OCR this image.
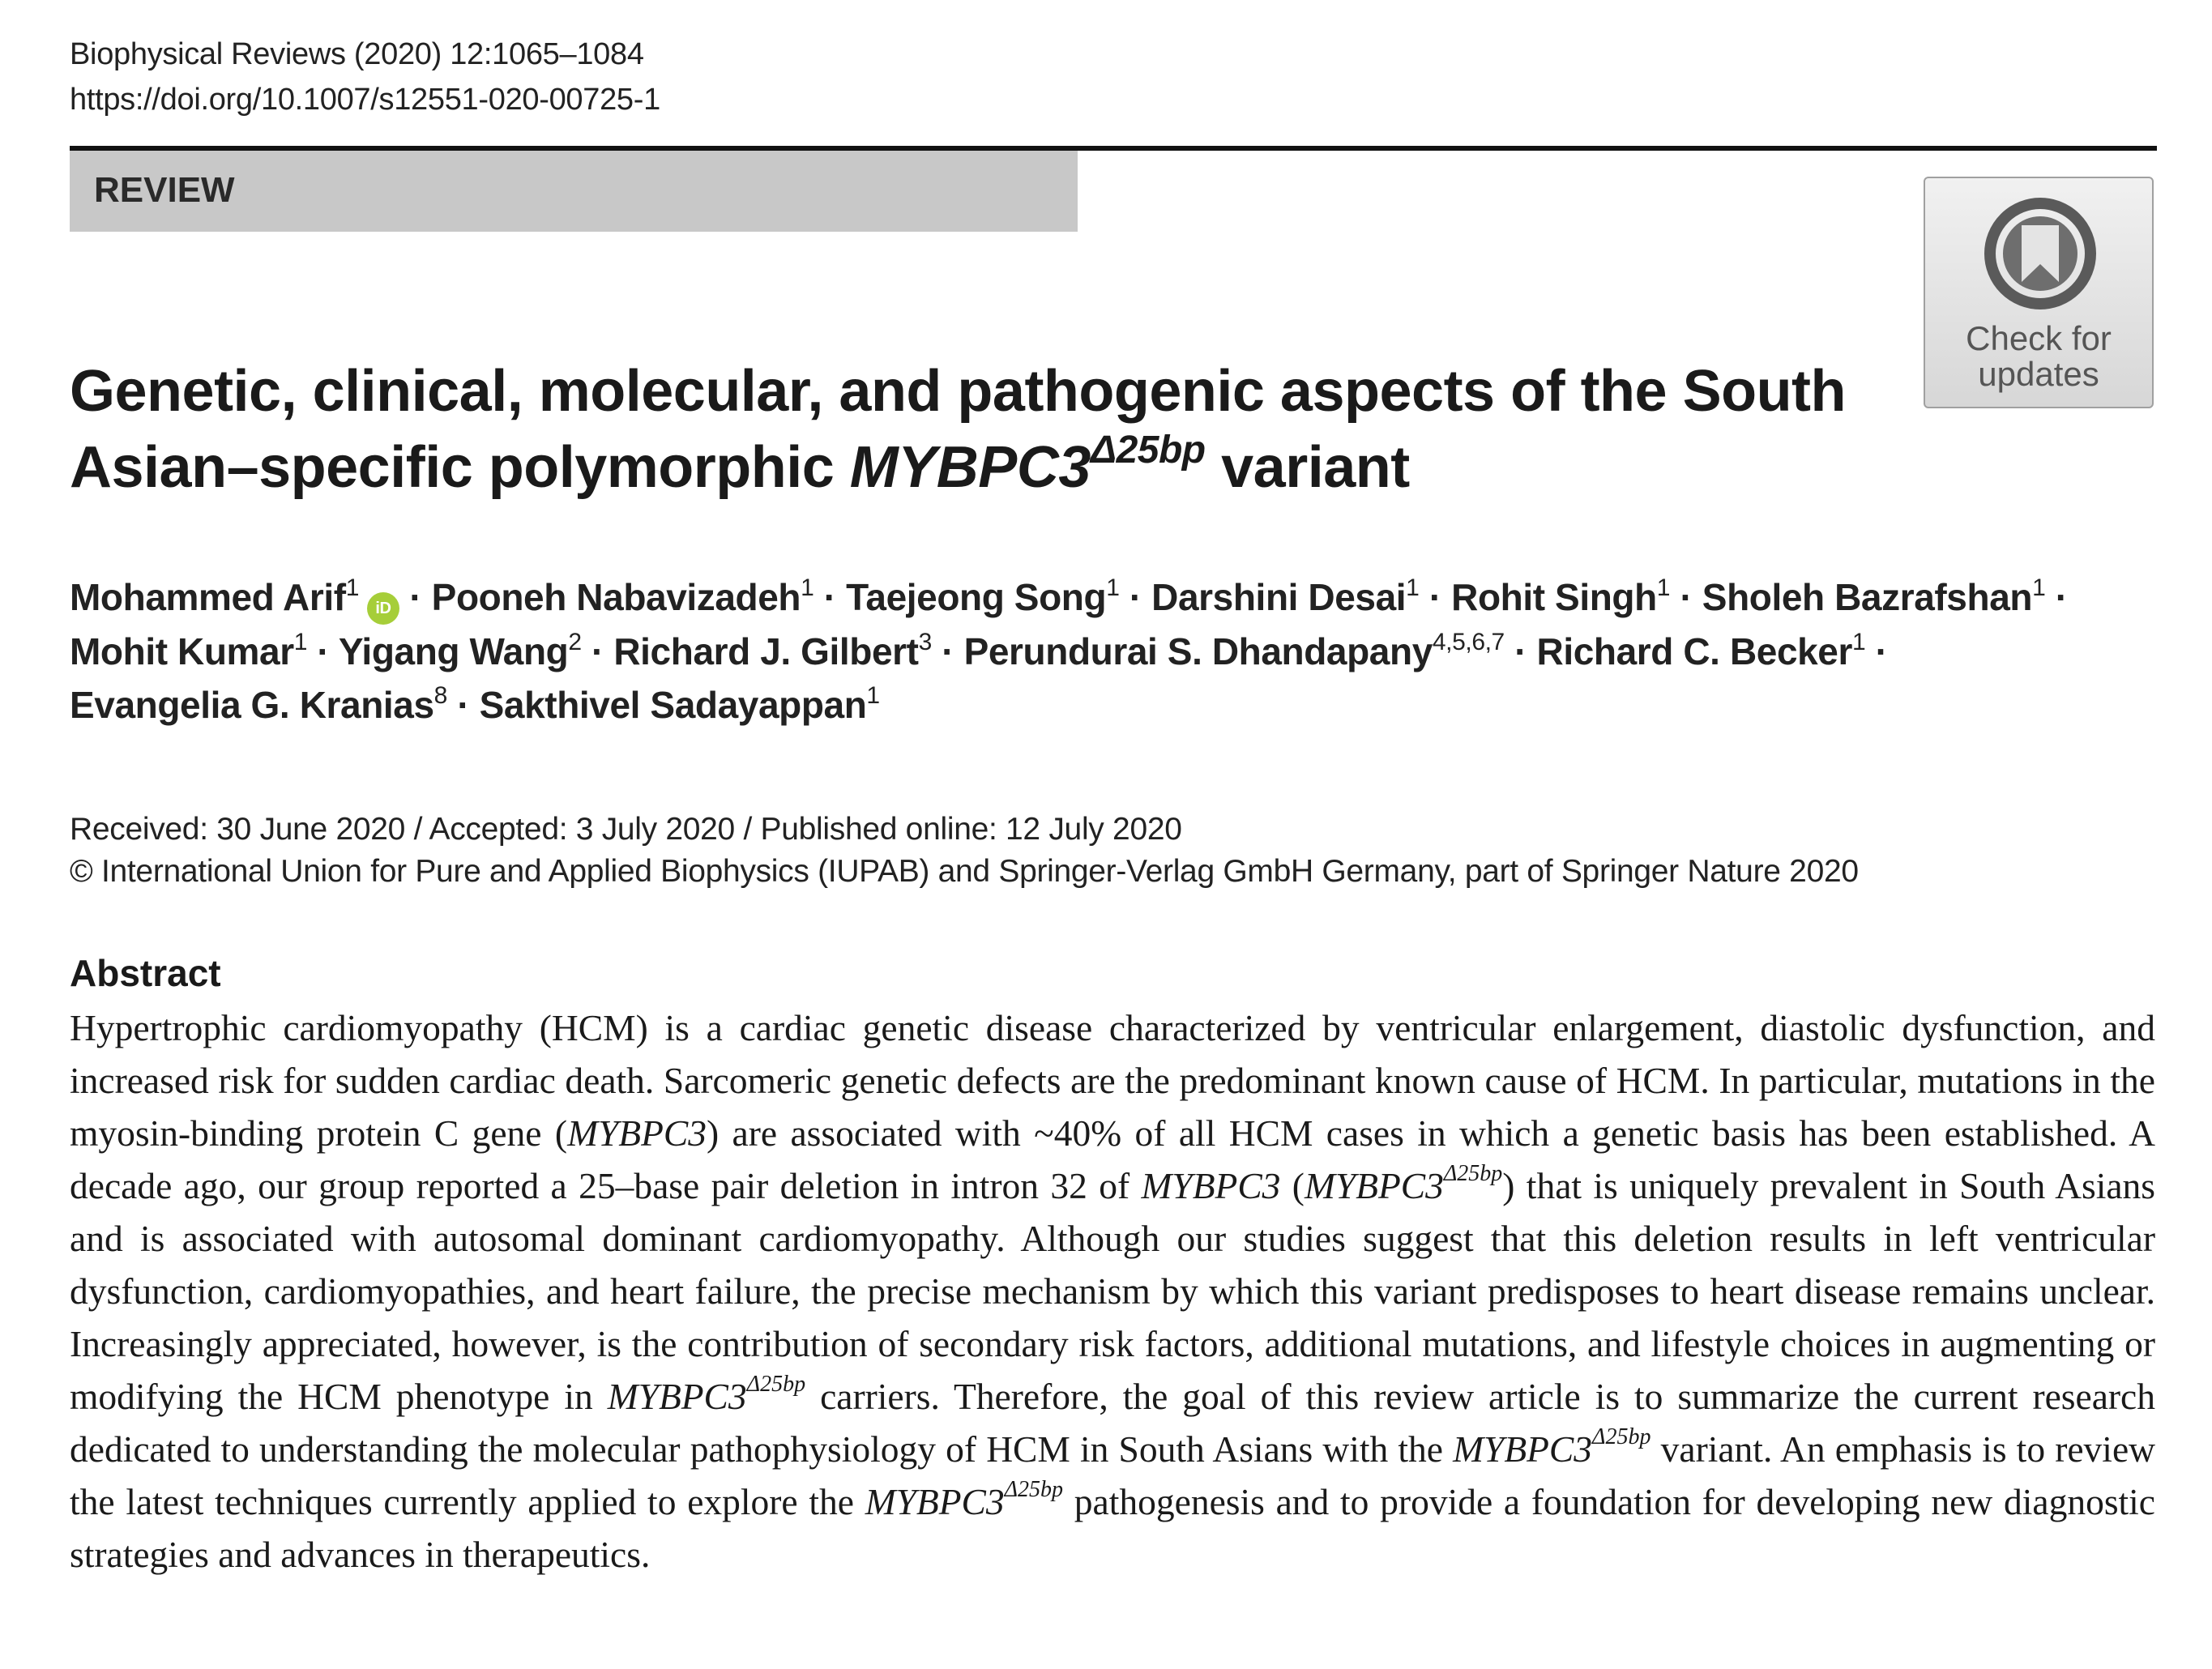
Biophysical Reviews (2020) 12:1065–1084
https://doi.org/10.1007/s12551-020-00725-1
REVIEW
Check for
updates
Genetic, clinical, molecular, and pathogenic aspects of the South Asian–specific polymorphic $MYBPC3^{\Delta 25bp}$ variant
Mohammed Arif$^1$iD · Pooneh Nabavizadeh$^1$ · Taejeong Song$^1$ · Darshini Desai$^1$ · Rohit Singh$^1$ · Sholeh Bazrafshan$^1$ ·
Mohit Kumar$^1$ · Yigang Wang$^2$ · Richard J. Gilbert$^3$ · Perundurai S. Dhandapany$^{4,5,6,7}$ · Richard C. Becker$^1$ ·
Evangelia G. Kranias$^8$ · Sakthivel Sadayappan$^1$
Received: 30 June 2020 / Accepted: 3 July 2020 / Published online: 12 July 2020
© International Union for Pure and Applied Biophysics (IUPAB) and Springer-Verlag GmbH Germany, part of Springer Nature 2020
Abstract

Hypertrophic cardiomyopathy (HCM) is a cardiac genetic disease characterized by ventricular enlargement, diastolic dysfunction, and increased risk for sudden cardiac death. Sarcomeric genetic defects are the predominant known cause of HCM. In particular, mutations in the myosin-binding protein C gene (MYBPC3) are associated with ~40% of all HCM cases in which a genetic basis has been established. A decade ago, our group reported a 25–base pair deletion in intron 32 of MYBPC3 $(MYBPC3^{\Delta 25bp})$ that is uniquely prevalent in South Asians and is associated with autosomal dominant cardiomyopathy. Although our studies suggest that this deletion results in left ventricular dysfunction, cardiomyopathies, and heart failure, the precise mechanism by which this variant predisposes to heart disease remains unclear. Increasingly appreciated, however, is the contribution of secondary risk factors, additional mutations, and lifestyle choices in augmenting or modifying the HCM phenotype in $MYBPC3^{\Delta 25bp}$ carriers. Therefore, the goal of this review article is to summarize the current research dedicated to understanding the molecular pathophysiology of HCM in South Asians with the $MYBPC3^{\Delta 25bp}$ variant. An emphasis is to review the latest techniques currently applied to explore the $MYBPC3^{\Delta 25bp}$ pathogenesis and to provide a foundation for developing new diagnostic strategies and advances in therapeutics.
